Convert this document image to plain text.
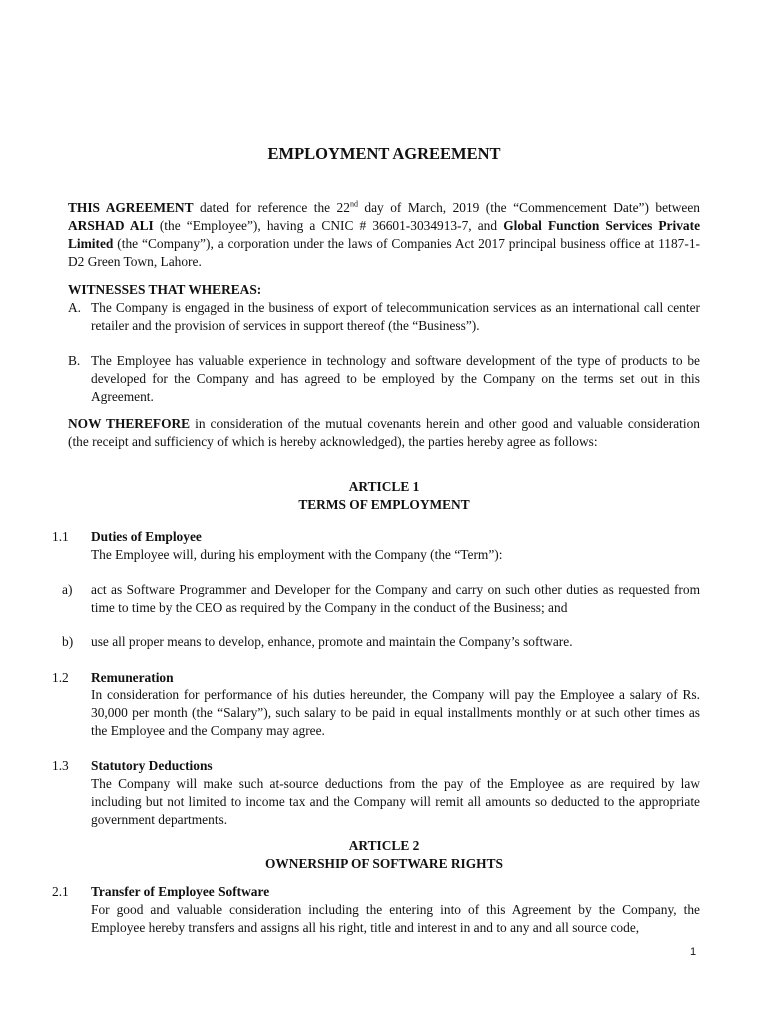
EMPLOYMENT AGREEMENT
THIS AGREEMENT dated for reference the 22nd day of March, 2019 (the “Commencement Date”) between ARSHAD ALI (the “Employee”), having a CNIC # 36601-3034913-7, and Global Function Services Private Limited (the “Company”), a corporation under the laws of Companies Act 2017 principal business office at 1187-1-D2 Green Town, Lahore.
WITNESSES THAT WHEREAS:
A. The Company is engaged in the business of export of telecommunication services as an international call center retailer and the provision of services in support thereof (the “Business”).
B. The Employee has valuable experience in technology and software development of the type of products to be developed for the Company and has agreed to be employed by the Company on the terms set out in this Agreement.
NOW THEREFORE in consideration of the mutual covenants herein and other good and valuable consideration (the receipt and sufficiency of which is hereby acknowledged), the parties hereby agree as follows:
ARTICLE 1
TERMS OF EMPLOYMENT
1.1 Duties of Employee
The Employee will, during his employment with the Company (the “Term”):
a) act as Software Programmer and Developer for the Company and carry on such other duties as requested from time to time by the CEO as required by the Company in the conduct of the Business; and
b) use all proper means to develop, enhance, promote and maintain the Company’s software.
1.2 Remuneration
In consideration for performance of his duties hereunder, the Company will pay the Employee a salary of Rs. 30,000 per month (the “Salary”), such salary to be paid in equal installments monthly or at such other times as the Employee and the Company may agree.
1.3 Statutory Deductions
The Company will make such at-source deductions from the pay of the Employee as are required by law including but not limited to income tax and the Company will remit all amounts so deducted to the appropriate government departments.
ARTICLE 2
OWNERSHIP OF SOFTWARE RIGHTS
2.1 Transfer of Employee Software
For good and valuable consideration including the entering into of this Agreement by the Company, the Employee hereby transfers and assigns all his right, title and interest in and to any and all source code,
1
